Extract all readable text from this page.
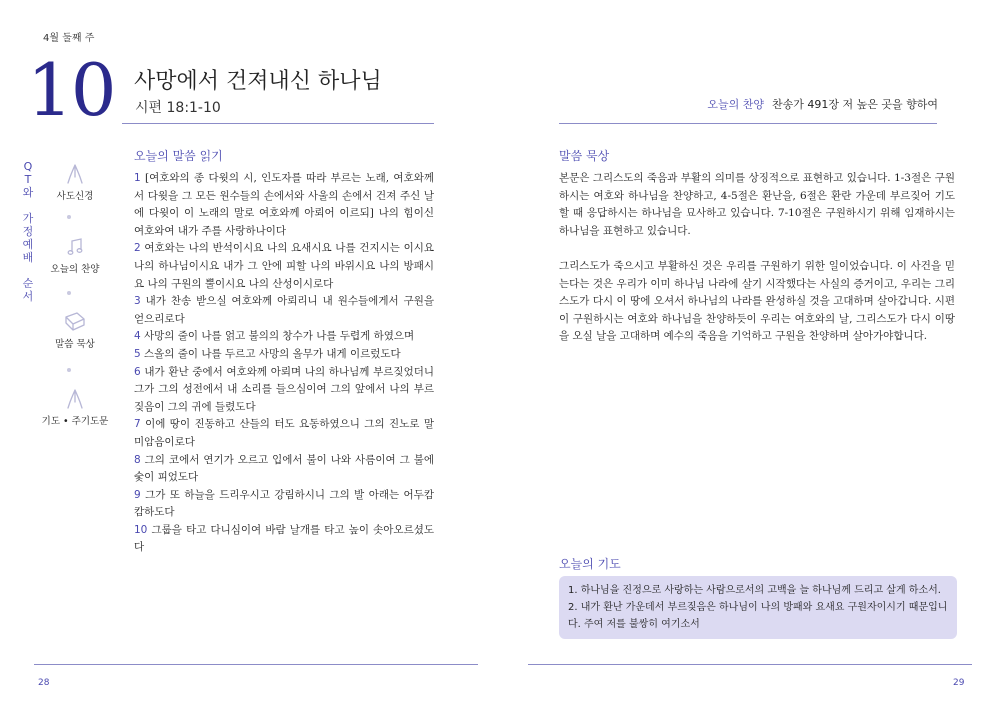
4월 둘째 주
10 사망에서 건져내신 하나님
시편 18:1-10	오늘의 찬양 찬송가 491장 저 높은 곳을 향하여
Q
T
와

가
정
예
배

순
서
사도신경
오늘의 찬양
말씀 묵상
기도 • 주기도문
오늘의 말씀 읽기
1 [여호와의 종 다윗의 시, 인도자를 따라 부르는 노래, 여호와께서 다윗을 그 모든 원수들의 손에서와 사울의 손에서 건져 주신 날에 다윗이 이 노래의 말로 여호와께 아뢰어 이르되] 나의 힘이신 여호와여 내가 주를 사랑하나이다
2 여호와는 나의 반석이시요 나의 요새시요 나를 건지시는 이시요 나의 하나님이시요 내가 그 안에 피할 나의 바위시요 나의 방패시요 나의 구원의 뿔이시요 나의 산성이시로다
3 내가 찬송 받으실 여호와께 아뢰리니 내 원수들에게서 구원을 얻으리로다
4 사망의 줄이 나를 얽고 불의의 창수가 나를 두렵게 하였으며
5 스올의 줄이 나를 두르고 사망의 올무가 내게 이르렀도다
6 내가 환난 중에서 여호와께 아뢰며 나의 하나님께 부르짖었더니 그가 그의 성전에서 내 소리를 들으심이여 그의 앞에서 나의 부르짖음이 그의 귀에 들렸도다
7 이에 땅이 진동하고 산들의 터도 요동하였으니 그의 진노로 말미암음이로다
8 그의 코에서 연기가 오르고 입에서 불이 나와 사름이여 그 불에 숯이 피었도다
9 그가 또 하늘을 드리우시고 강림하시니 그의 발 아래는 어두캄캄하도다
10 그룹을 타고 다니심이여 바람 날개를 타고 높이 솟아오르셨도다
말씀 묵상

본문은 그리스도의 죽음과 부활의 의미를 상징적으로 표현하고 있습니다. 1-3절은 구원하시는 여호와 하나님을 찬양하고, 4-5절은 환난을, 6절은 환란 가운데 부르짖어 기도할 때 응답하시는 하나님을 묘사하고 있습니다. 7-10절은 구원하시기 위해 임재하시는 하나님을 표현하고 있습니다.

그리스도가 죽으시고 부활하신 것은 우리를 구원하기 위한 일이었습니다. 이 사건을 믿는다는 것은 우리가 이미 하나님 나라에 살기 시작했다는 사실의 증거이고, 우리는 그리스도가 다시 이 땅에 오셔서 하나님의 나라를 완성하실 것을 고대하며 살아갑니다. 시편이 구원하시는 여호와 하나님을 찬양하듯이 우리는 여호와의 날, 그리스도가 다시 이땅을 오실 날을 고대하며 예수의 죽음을 기억하고 구원을 찬양하며 살아가야합니다.

오늘의 기도
1. 하나님을 진정으로 사랑하는 사람으로서의 고백을 늘 하나님께 드리고 살게 하소서.
2. 내가 환난 가운데서 부르짖음은 하나님이 나의 방패와 요새요 구원자이시기 때문입니다. 주여 저를 불쌍히 여기소서
28	29
